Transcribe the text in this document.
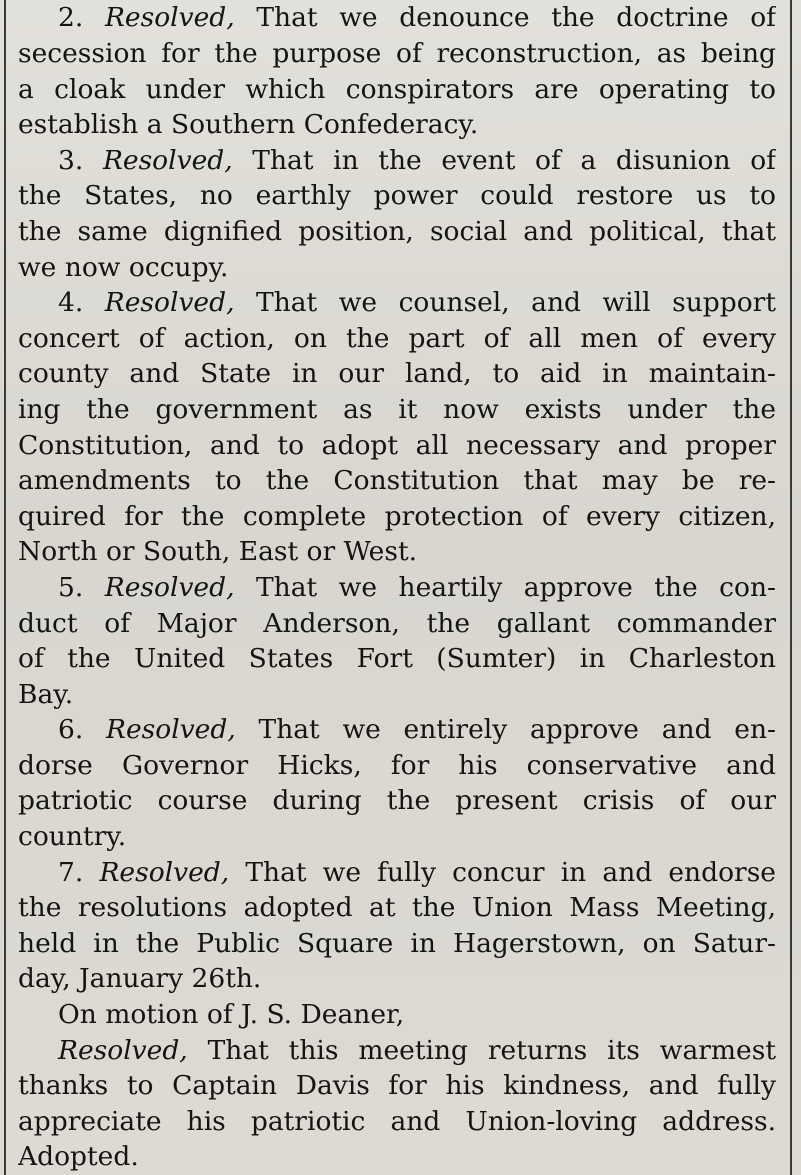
2. Resolved, That we denounce the doctrine of
secession for the purpose of reconstruction, as being
a cloak under which conspirators are operating to
establish a Southern Confederacy.
3. Resolved, That in the event of a disunion of
the States, no earthly power could restore us to
the same dignified position, social and political, that
we now occupy.
4. Resolved, That we counsel, and will support
concert of action, on the part of all men of every
county and State in our land, to aid in maintain-
ing the government as it now exists under the
Constitution, and to adopt all necessary and proper
amendments to the Constitution that may be re-
quired for the complete protection of every citizen,
North or South, East or West.
5. Resolved, That we heartily approve the con-
duct of Major Anderson, the gallant commander
of the United States Fort (Sumter) in Charleston
Bay.
6. Resolved, That we entirely approve and en-
dorse Governor Hicks, for his conservative and
patriotic course during the present crisis of our
country.
7. Resolved, That we fully concur in and endorse
the resolutions adopted at the Union Mass Meeting,
held in the Public Square in Hagerstown, on Satur-
day, January 26th.
On motion of J. S. Deaner,
Resolved, That this meeting returns its warmest
thanks to Captain Davis for his kindness, and fully
appreciate his patriotic and Union-loving address.
Adopted.
